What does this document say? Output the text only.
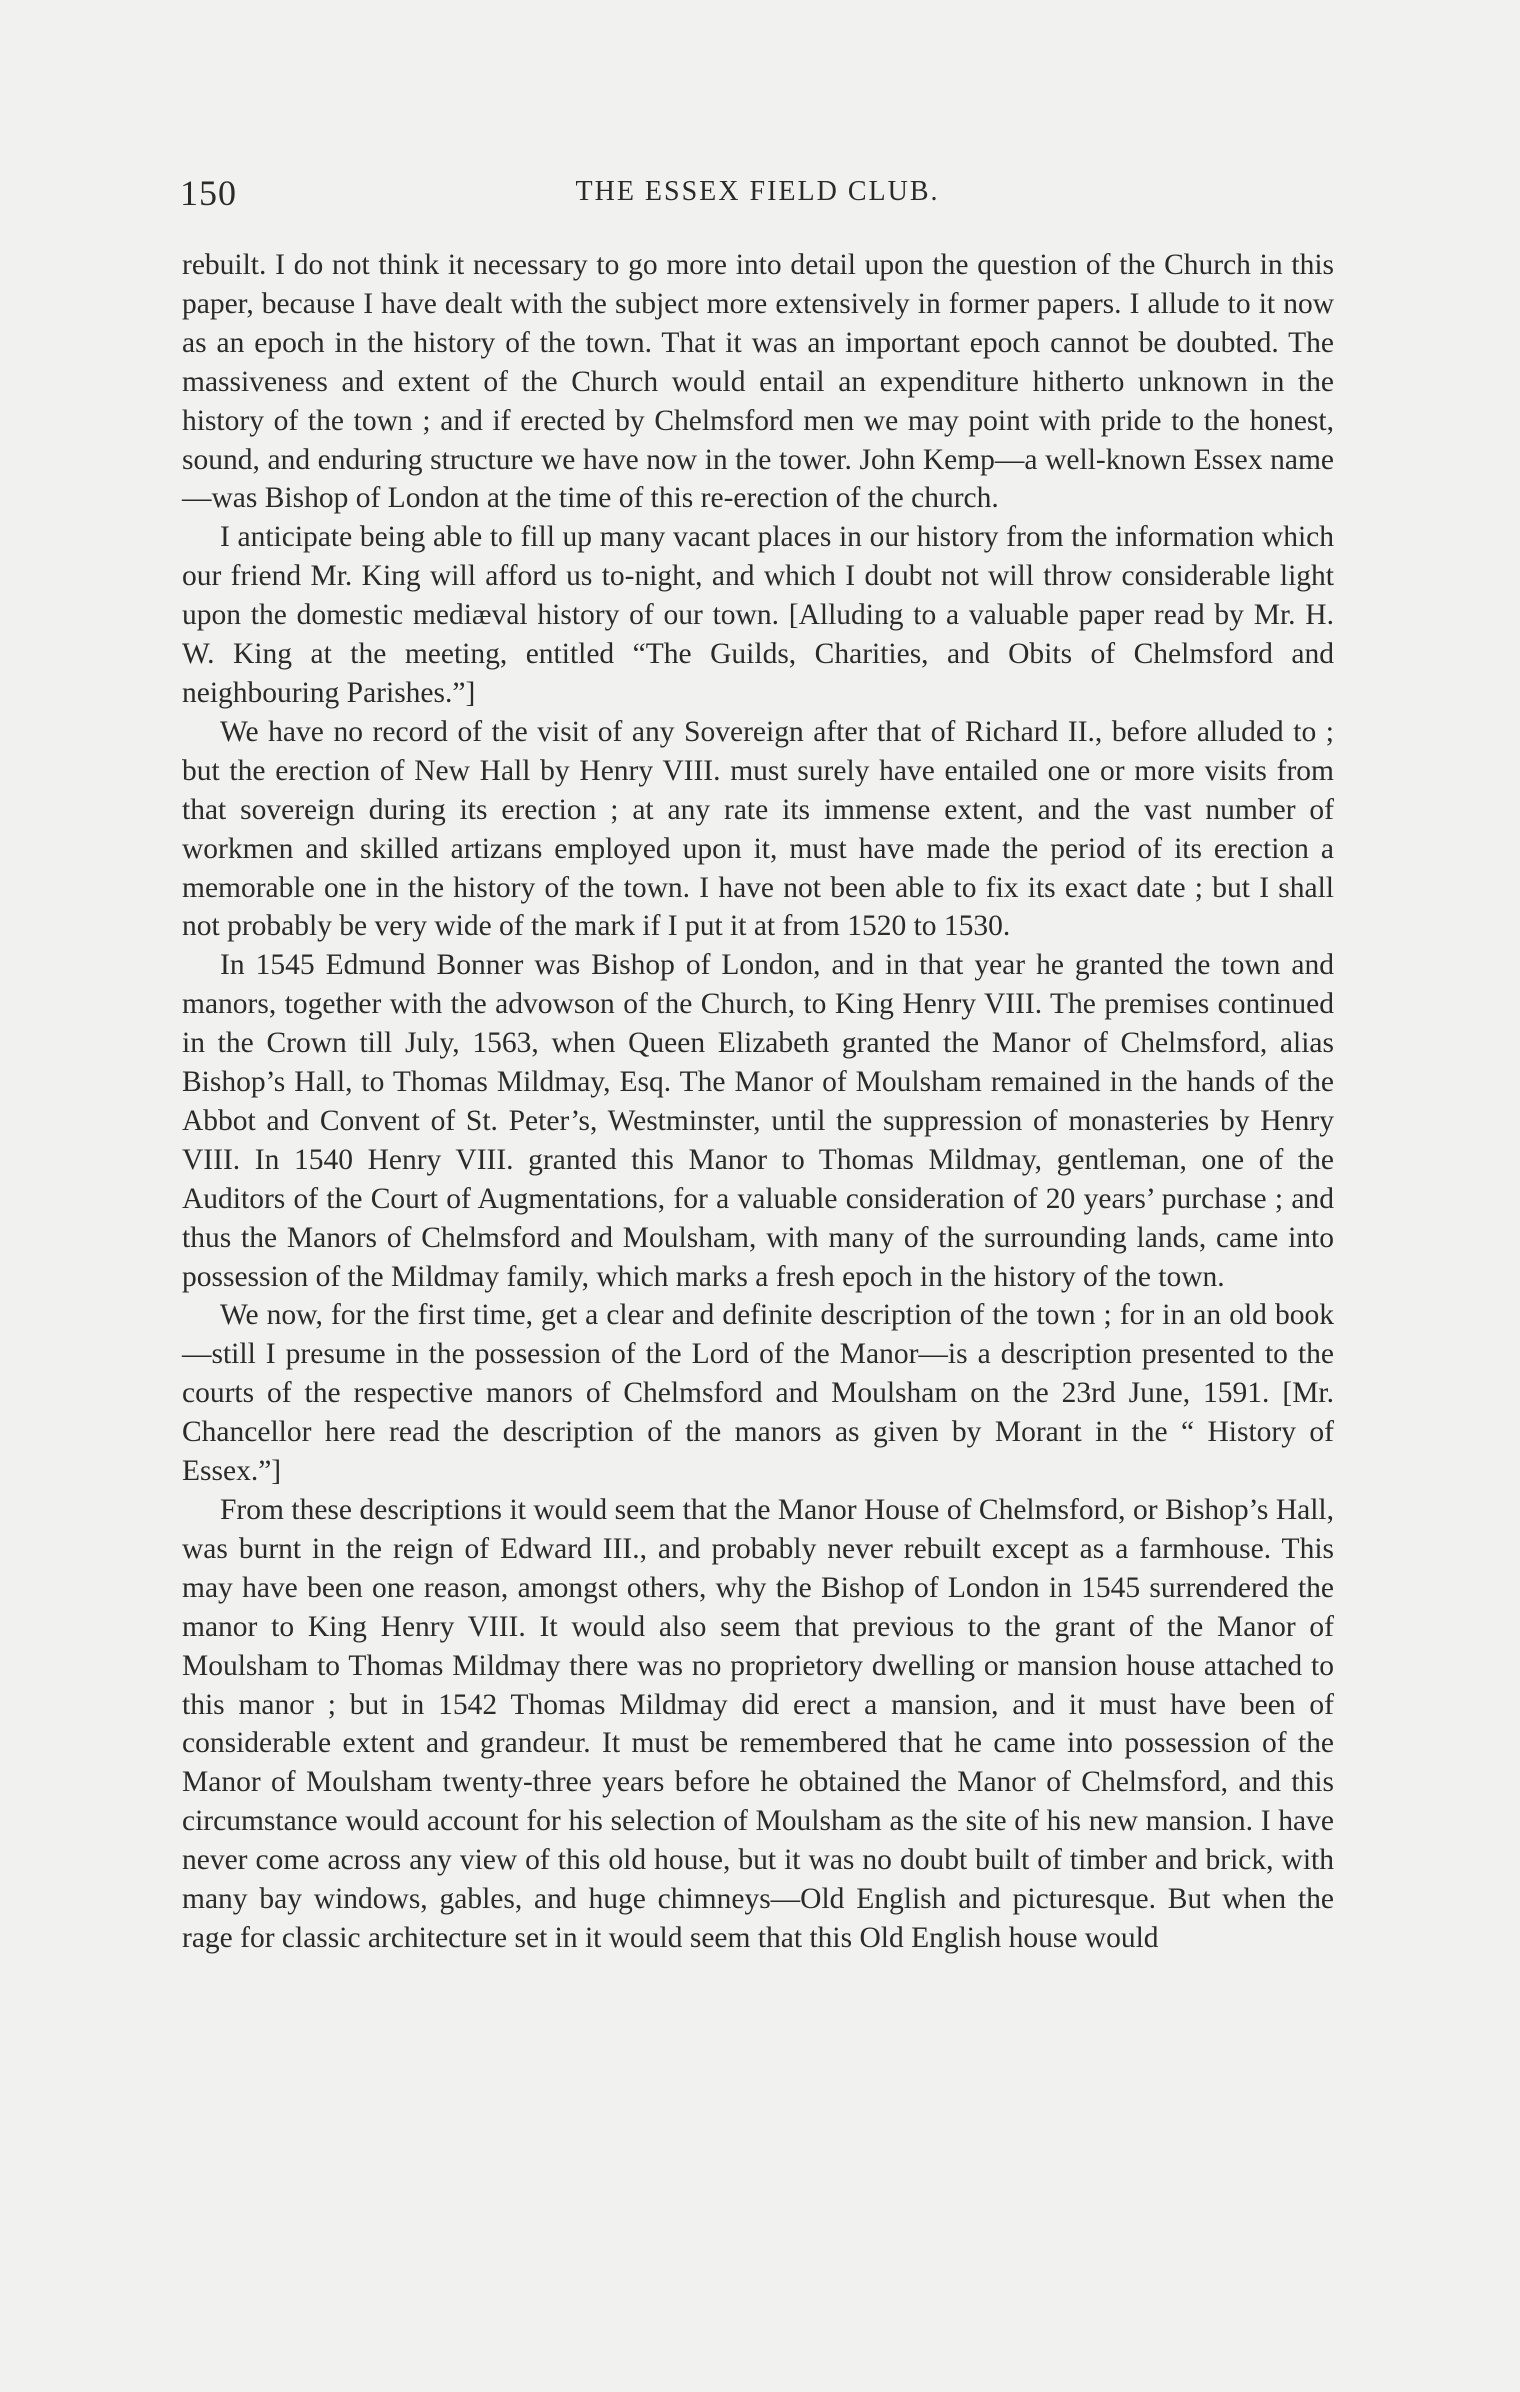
150	THE ESSEX FIELD CLUB.

rebuilt. I do not think it necessary to go more into detail upon the question of the Church in this paper, because I have dealt with the subject more extensively in former papers. I allude to it now as an epoch in the history of the town. That it was an important epoch cannot be doubted. The massiveness and extent of the Church would entail an expenditure hitherto unknown in the history of the town ; and if erected by Chelmsford men we may point with pride to the honest, sound, and enduring structure we have now in the tower. John Kemp—a well-known Essex name—was Bishop of London at the time of this re-erection of the church.

I anticipate being able to fill up many vacant places in our history from the information which our friend Mr. King will afford us to-night, and which I doubt not will throw considerable light upon the domestic mediæval history of our town. [Alluding to a valuable paper read by Mr. H. W. King at the meeting, entitled “The Guilds, Charities, and Obits of Chelmsford and neighbouring Parishes.”]

We have no record of the visit of any Sovereign after that of Richard II., before alluded to ; but the erection of New Hall by Henry VIII. must surely have entailed one or more visits from that sovereign during its erection ; at any rate its immense extent, and the vast number of workmen and skilled artizans employed upon it, must have made the period of its erection a memorable one in the history of the town. I have not been able to fix its exact date ; but I shall not probably be very wide of the mark if I put it at from 1520 to 1530.

In 1545 Edmund Bonner was Bishop of London, and in that year he granted the town and manors, together with the advowson of the Church, to King Henry VIII. The premises continued in the Crown till July, 1563, when Queen Elizabeth granted the Manor of Chelmsford, alias Bishop’s Hall, to Thomas Mildmay, Esq. The Manor of Moulsham remained in the hands of the Abbot and Convent of St. Peter’s, Westminster, until the suppression of monasteries by Henry VIII. In 1540 Henry VIII. granted this Manor to Thomas Mildmay, gentleman, one of the Auditors of the Court of Augmentations, for a valuable consideration of 20 years’ purchase ; and thus the Manors of Chelmsford and Moulsham, with many of the surrounding lands, came into possession of the Mildmay family, which marks a fresh epoch in the history of the town.

We now, for the first time, get a clear and definite description of the town ; for in an old book—still I presume in the possession of the Lord of the Manor—is a description presented to the courts of the respective manors of Chelmsford and Moulsham on the 23rd June, 1591. [Mr. Chancellor here read the description of the manors as given by Morant in the “ History of Essex.”]

From these descriptions it would seem that the Manor House of Chelmsford, or Bishop’s Hall, was burnt in the reign of Edward III., and probably never rebuilt except as a farmhouse. This may have been one reason, amongst others, why the Bishop of London in 1545 surrendered the manor to King Henry VIII. It would also seem that previous to the grant of the Manor of Moulsham to Thomas Mildmay there was no proprietory dwelling or mansion house attached to this manor ; but in 1542 Thomas Mildmay did erect a mansion, and it must have been of considerable extent and grandeur. It must be remembered that he came into possession of the Manor of Moulsham twenty-three years before he obtained the Manor of Chelmsford, and this circumstance would account for his selection of Moulsham as the site of his new mansion. I have never come across any view of this old house, but it was no doubt built of timber and brick, with many bay windows, gables, and huge chimneys—Old English and picturesque. But when the rage for classic architecture set in it would seem that this Old English house would
